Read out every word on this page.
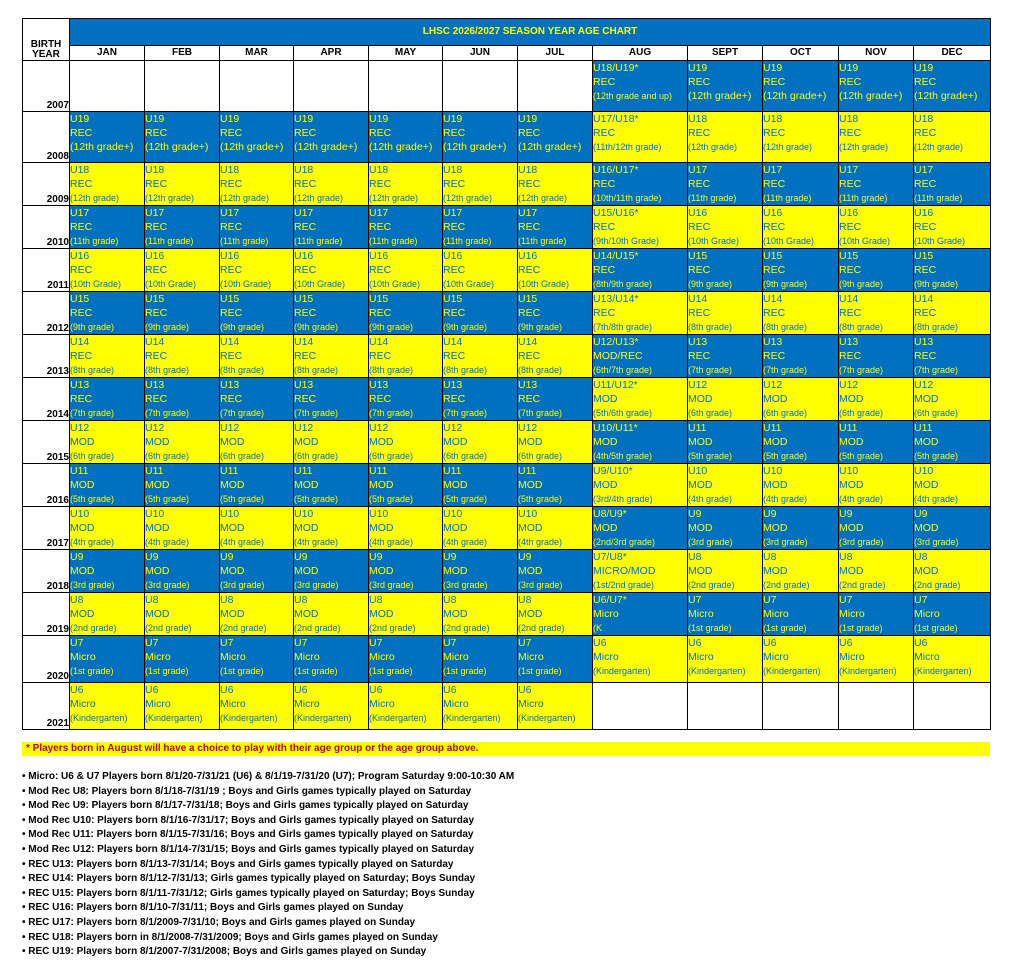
BIRTH
YEAR	LHSC 2026/2027 SEASON YEAR AGE CHART											
	JAN	FEB	MAR	APR	MAY	JUN	JUL	AUG	SEPT	OCT	NOV	DEC
2007								U18/U19*
REC
(12th grade and up)	U19
REC
(12th grade+)	U19
REC
(12th grade+)	U19
REC
(12th grade+)	U19
REC
(12th grade+)

2008	U19
REC
(12th grade+)	U19
REC
(12th grade+)	U19
REC
(12th grade+)	U19
REC
(12th grade+)	U19
REC
(12th grade+)	U19
REC
(12th grade+)	U19
REC
(12th grade+)	U17/U18*
REC
(11th/12th grade)	U18
REC
(12th grade)	U18
REC
(12th grade)	U18
REC
(12th grade)	U18
REC
(12th grade)

2009	U18
REC
(12th grade)	U18
REC
(12th grade)	U18
REC
(12th grade)	U18
REC
(12th grade)	U18
REC
(12th grade)	U18
REC
(12th grade)	U18
REC
(12th grade)	U16/U17*
REC
(10th/11th grade)	U17
REC
(11th grade)	U17
REC
(11th grade)	U17
REC
(11th grade)	U17
REC
(11th grade)

2010	U17
REC
(11th grade)	U17
REC
(11th grade)	U17
REC
(11th grade)	U17
REC
(11th grade)	U17
REC
(11th grade)	U17
REC
(11th grade)	U17
REC
(11th grade)	U15/U16*
REC
(9th/10th Grade)	U16
REC
(10th Grade)	U16
REC
(10th Grade)	U16
REC
(10th Grade)	U16
REC
(10th Grade)

2011	U16
REC
(10th Grade)	U16
REC
(10th Grade)	U16
REC
(10th Grade)	U16
REC
(10th Grade)	U16
REC
(10th Grade)	U16
REC
(10th Grade)	U16
REC
(10th Grade)	U14/U15*
REC
(8th/9th grade)	U15
REC
(9th grade)	U15
REC
(9th grade)	U15
REC
(9th grade)	U15
REC
(9th grade)

2012	U15
REC
(9th grade)	U15
REC
(9th grade)	U15
REC
(9th grade)	U15
REC
(9th grade)	U15
REC
(9th grade)	U15
REC
(9th grade)	U15
REC
(9th grade)	U13/U14*
REC
(7th/8th grade)	U14
REC
(8th grade)	U14
REC
(8th grade)	U14
REC
(8th grade)	U14
REC
(8th grade)

2013	U14
REC
(8th grade)	U14
REC
(8th grade)	U14
REC
(8th grade)	U14
REC
(8th grade)	U14
REC
(8th grade)	U14
REC
(8th grade)	U14
REC
(8th grade)	U12/U13*
MOD/REC
(6th/7th grade)	U13
REC
(7th grade)	U13
REC
(7th grade)	U13
REC
(7th grade)	U13
REC
(7th grade)

2014	U13
REC
(7th grade)	U13
REC
(7th grade)	U13
REC
(7th grade)	U13
REC
(7th grade)	U13
REC
(7th grade)	U13
REC
(7th grade)	U13
REC
(7th grade)	U11/U12*
MOD
(5th/6th grade)	U12
MOD
(6th grade)	U12
MOD
(6th grade)	U12
MOD
(6th grade)	U12
MOD
(6th grade)

2015	U12
MOD
(6th grade)	U12
MOD
(6th grade)	U12
MOD
(6th grade)	U12
MOD
(6th grade)	U12
MOD
(6th grade)	U12
MOD
(6th grade)	U12
MOD
(6th grade)	U10/U11*
MOD
(4th/5th grade)	U11
MOD
(5th grade)	U11
MOD
(5th grade)	U11
MOD
(5th grade)	U11
MOD
(5th grade)

2016	U11
MOD
(5th grade)	U11
MOD
(5th grade)	U11
MOD
(5th grade)	U11
MOD
(5th grade)	U11
MOD
(5th grade)	U11
MOD
(5th grade)	U11
MOD
(5th grade)	U9/U10*
MOD
(3rd/4th grade)	U10
MOD
(4th grade)	U10
MOD
(4th grade)	U10
MOD
(4th grade)	U10
MOD
(4th grade)

2017	U10
MOD
(4th grade)	U10
MOD
(4th grade)	U10
MOD
(4th grade)	U10
MOD
(4th grade)	U10
MOD
(4th grade)	U10
MOD
(4th grade)	U10
MOD
(4th grade)	U8/U9*
MOD
(2nd/3rd grade)	U9
MOD
(3rd grade)	U9
MOD
(3rd grade)	U9
MOD
(3rd grade)	U9
MOD
(3rd grade)

2018	U9
MOD
(3rd grade)	U9
MOD
(3rd grade)	U9
MOD
(3rd grade)	U9
MOD
(3rd grade)	U9
MOD
(3rd grade)	U9
MOD
(3rd grade)	U9
MOD
(3rd grade)	U7/U8*
MICRO/MOD
(1st/2nd grade)	U8
MOD
(2nd grade)	U8
MOD
(2nd grade)	U8
MOD
(2nd grade)	U8
MOD
(2nd grade)

2019	U8
MOD
(2nd grade)	U8
MOD
(2nd grade)	U8
MOD
(2nd grade)	U8
MOD
(2nd grade)	U8
MOD
(2nd grade)	U8
MOD
(2nd grade)	U8
MOD
(2nd grade)	U6/U7*
Micro
(K	U7
Micro
(1st grade)	U7
Micro
(1st grade)	U7
Micro
(1st grade)	U7
Micro
(1st grade)

2020	U7
Micro
(1st grade)	U7
Micro
(1st grade)	U7
Micro
(1st grade)	U7
Micro
(1st grade)	U7
Micro
(1st grade)	U7
Micro
(1st grade)	U7
Micro
(1st grade)	U6
Micro
(Kindergarten)	U6
Micro
(Kindergarten)	U6
Micro
(Kindergarten)	U6
Micro
(Kindergarten)	U6
Micro
(Kindergarten)

2021	U6
Micro
(Kindergarten)	U6
Micro
(Kindergarten)	U6
Micro
(Kindergarten)	U6
Micro
(Kindergarten)	U6
Micro
(Kindergarten)	U6
Micro
(Kindergarten)	U6
Micro
(Kindergarten)					

* Players born in August will have a choice to play with their age group or the age group above.
• Micro: U6 & U7 Players born 8/1/20-7/31/21 (U6) & 8/1/19-7/31/20 (U7); Program Saturday 9:00-10:30 AM
• Mod Rec U8: Players born 8/1/18-7/31/19 ; Boys and Girls games typically played on Saturday
• Mod Rec U9: Players born 8/1/17-7/31/18; Boys and Girls games typically played on Saturday
• Mod Rec U10: Players born 8/1/16-7/31/17; Boys and Girls games typically played on Saturday
• Mod Rec U11: Players born 8/1/15-7/31/16; Boys and Girls games typically played on Saturday
• Mod Rec U12: Players born 8/1/14-7/31/15; Boys and Girls games typically played on Saturday
• REC U13: Players born 8/1/13-7/31/14; Boys and Girls games typically played on Saturday
• REC U14: Players born 8/1/12-7/31/13; Girls games typically played on Saturday; Boys Sunday
• REC U15: Players born 8/1/11-7/31/12; Girls games typically played on Saturday; Boys Sunday
• REC U16: Players born 8/1/10-7/31/11; Boys and Girls games played on Sunday
• REC U17: Players born 8/1/2009-7/31/10; Boys and Girls games played on Sunday
• REC U18: Players born in 8/1/2008-7/31/2009; Boys and Girls games played on Sunday
• REC U19: Players born 8/1/2007-7/31/2008; Boys and Girls games played on Sunday
